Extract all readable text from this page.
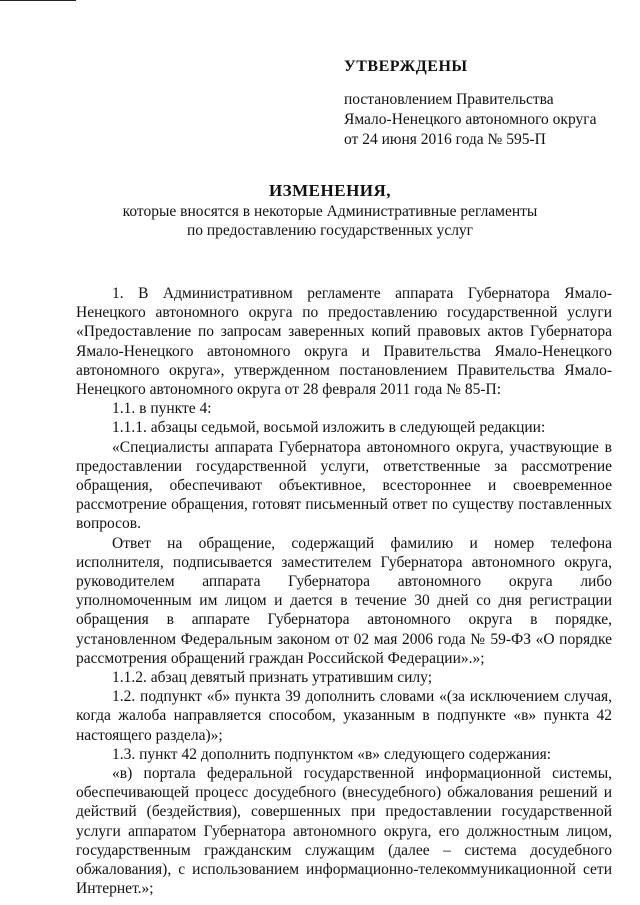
УТВЕРЖДЕНЫ
постановлением Правительства
Ямало-Ненецкого автономного округа
от 24 июня 2016 года № 595-П
ИЗМЕНЕНИЯ,
которые вносятся в некоторые Административные регламенты
по предоставлению государственных услуг

1. В Административном регламенте аппарата Губернатора Ямало-Ненецкого автономного округа по предоставлению государственной услуги «Предоставление по запросам заверенных копий правовых актов Губернатора Ямало-Ненецкого автономного округа и Правительства Ямало-Ненецкого автономного округа», утвержденном постановлением Правительства Ямало-Ненецкого автономного округа от 28 февраля 2011 года № 85-П:

1.1. в пункте 4:

1.1.1. абзацы седьмой, восьмой изложить в следующей редакции:

«Специалисты аппарата Губернатора автономного округа, участвующие в предоставлении государственной услуги, ответственные за рассмотрение обращения, обеспечивают объективное, всестороннее и своевременное рассмотрение обращения, готовят письменный ответ по существу поставленных вопросов.

Ответ на обращение, содержащий фамилию и номер телефона исполнителя, подписывается заместителем Губернатора автономного округа, руководителем аппарата Губернатора автономного округа либо уполномоченным им лицом и дается в течение 30 дней со дня регистрации обращения в аппарате Губернатора автономного округа в порядке, установленном Федеральным законом от 02 мая 2006 года № 59-ФЗ «О порядке рассмотрения обращений граждан Российской Федерации».»;

1.1.2. абзац девятый признать утратившим силу;

1.2. подпункт «б» пункта 39 дополнить словами «(за исключением случая, когда жалоба направляется способом, указанным в подпункте «в» пункта 42 настоящего раздела)»;

1.3. пункт 42 дополнить подпунктом «в» следующего содержания:

«в) портала федеральной государственной информационной системы, обеспечивающей процесс досудебного (внесудебного) обжалования решений и действий (бездействия), совершенных при предоставлении государственной услуги аппаратом Губернатора автономного округа, его должностным лицом, государственным гражданским служащим (далее – система досудебного обжалования), с использованием информационно-телекоммуникационной сети Интернет.»;
